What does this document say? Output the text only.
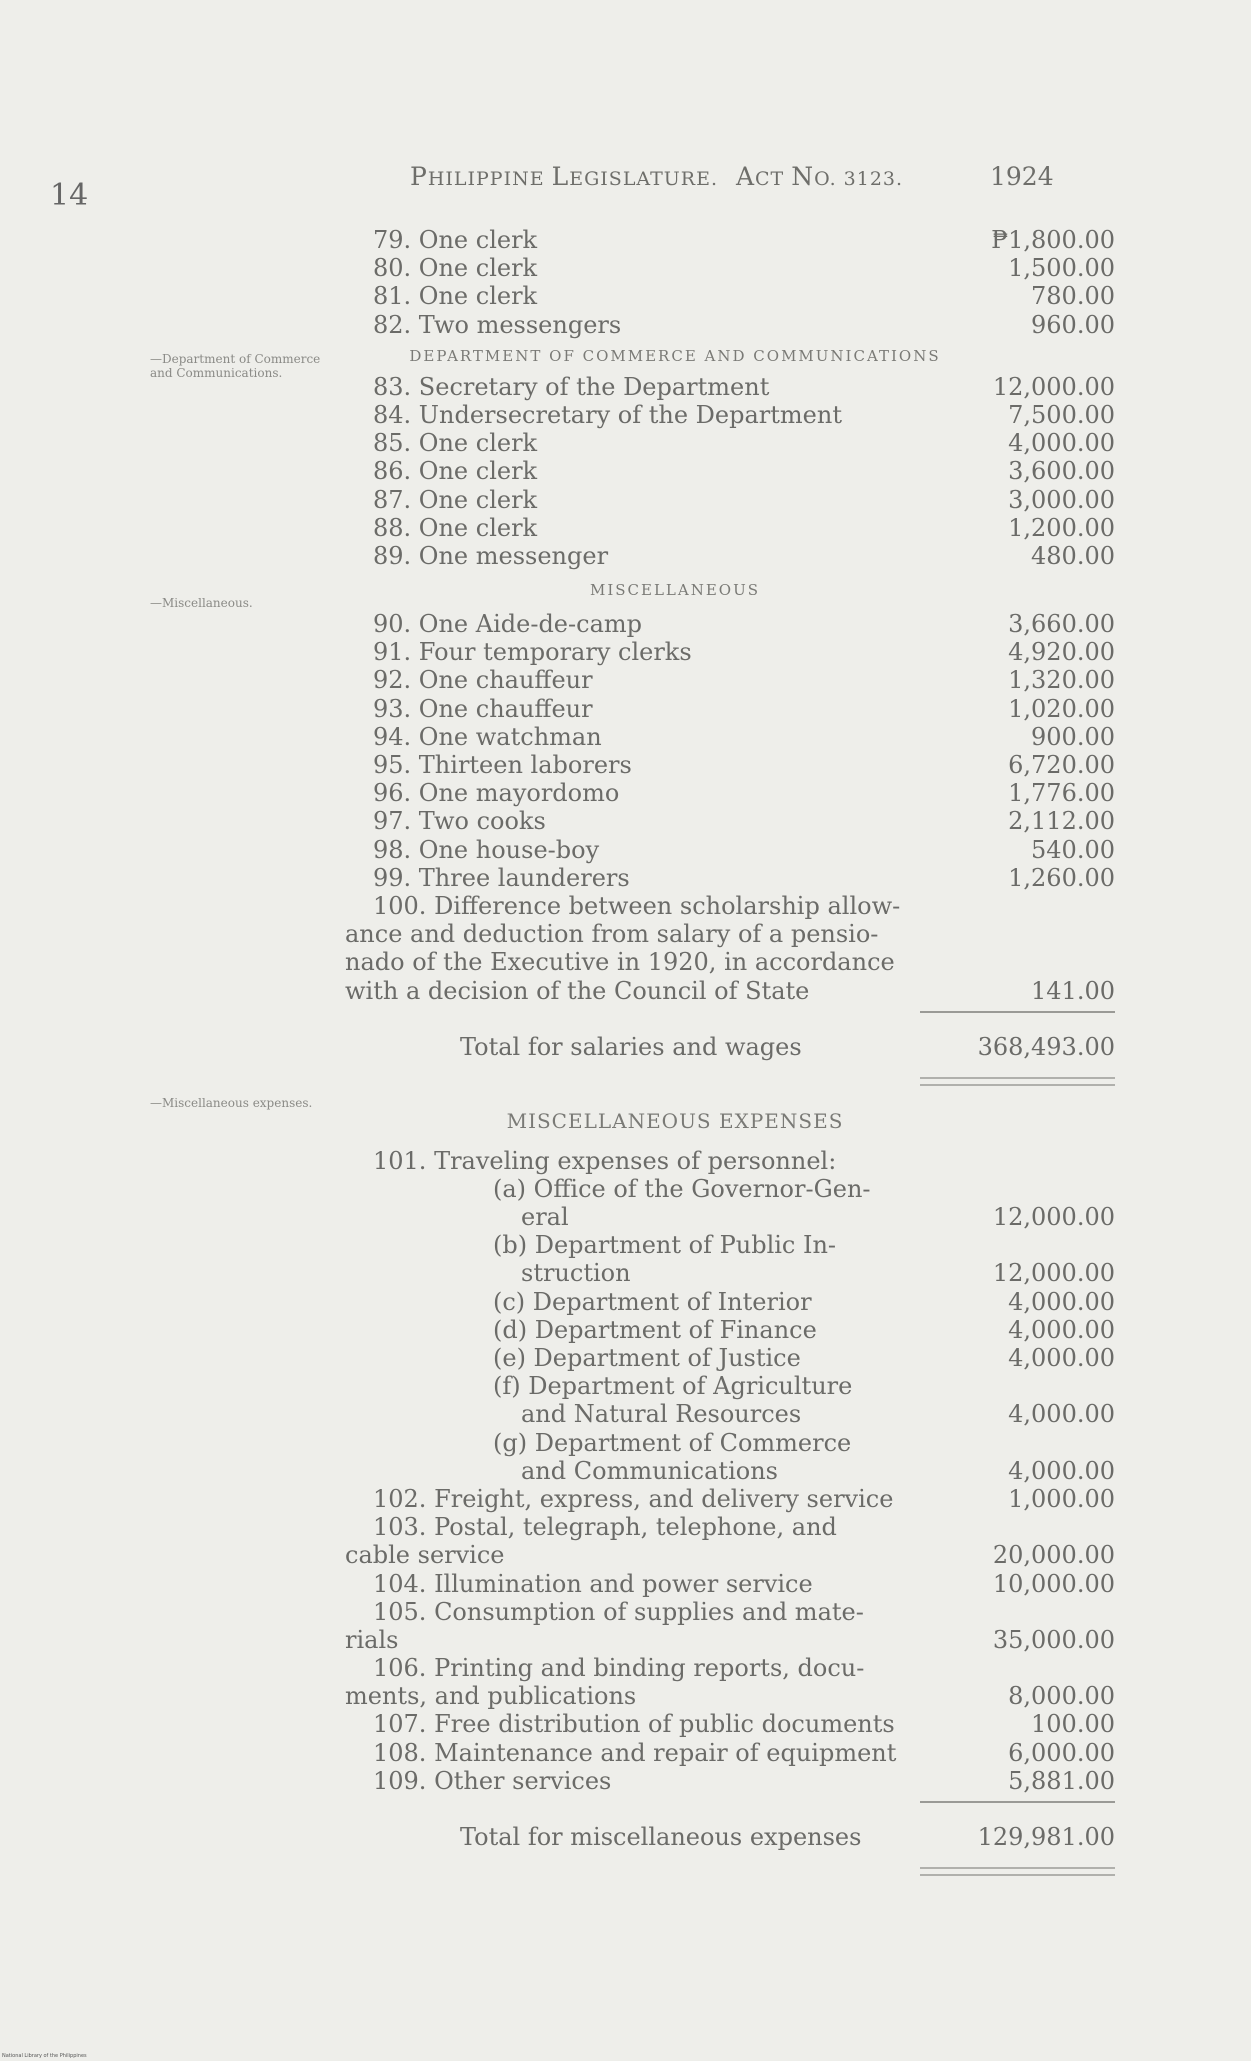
14
PHILIPPINE LEGISLATURE. ACT NO. 3123.	1924
—Department of Commerce and Communications.
—Miscellaneous.
—Miscellaneous expenses.
79. One clerk	₱1,800.00
80. One clerk	1,500.00
81. One clerk	780.00
82. Two messengers	960.00
DEPARTMENT OF COMMERCE AND COMMUNICATIONS
83. Secretary of the Department	12,000.00
84. Undersecretary of the Department	7,500.00
85. One clerk	4,000.00
86. One clerk	3,600.00
87. One clerk	3,000.00
88. One clerk	1,200.00
89. One messenger	480.00
MISCELLANEOUS
90. One Aide-de-camp	3,660.00
91. Four temporary clerks	4,920.00
92. One chauffeur	1,320.00
93. One chauffeur	1,020.00
94. One watchman	900.00
95. Thirteen laborers	6,720.00
96. One mayordomo	1,776.00
97. Two cooks	2,112.00
98. One house-boy	540.00
99. Three launderers	1,260.00
100. Difference between scholarship allow-
ance and deduction from salary of a pensio-
nado of the Executive in 1920, in accordance
with a decision of the Council of State	141.00
Total for salaries and wages	368,493.00
MISCELLANEOUS EXPENSES
101. Traveling expenses of personnel:
(a) Office of the Governor-Gen-
eral	12,000.00
(b) Department of Public In-
struction	12,000.00
(c) Department of Interior	4,000.00
(d) Department of Finance	4,000.00
(e) Department of Justice	4,000.00
(f) Department of Agriculture
and Natural Resources	4,000.00
(g) Department of Commerce
and Communications	4,000.00
102. Freight, express, and delivery service	1,000.00
103. Postal, telegraph, telephone, and
cable service	20,000.00
104. Illumination and power service	10,000.00
105. Consumption of supplies and mate-
rials	35,000.00
106. Printing and binding reports, docu-
ments, and publications	8,000.00
107. Free distribution of public documents	100.00
108. Maintenance and repair of equipment	6,000.00
109. Other services	5,881.00
Total for miscellaneous expenses	129,981.00
National Library of the Philippines
